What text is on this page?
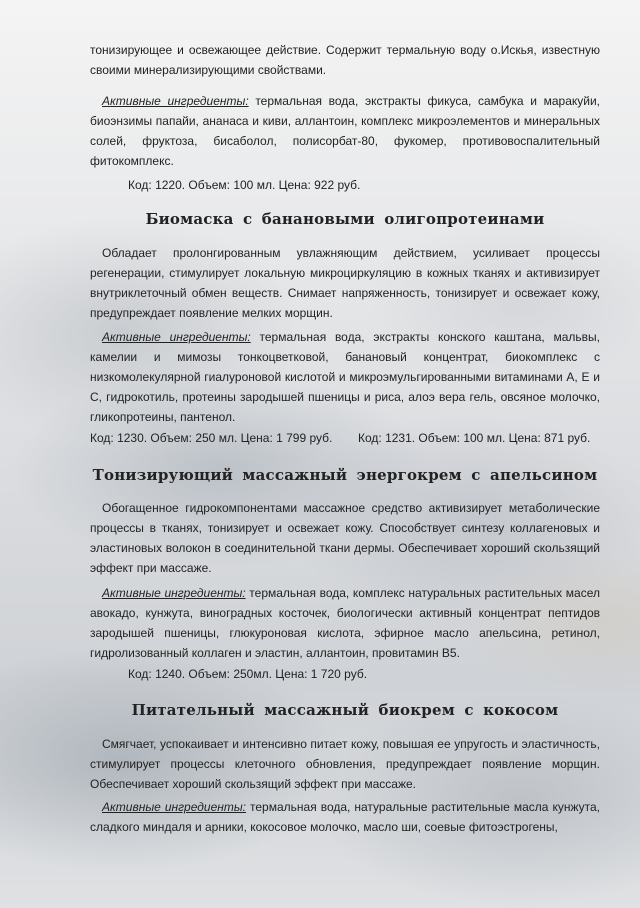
тонизирующее и освежающее действие. Содержит термальную воду о.Искья, известную своими минерализирующими свойствами.

Активные ингредиенты: термальная вода, экстракты фикуса, самбука и маракуйи, биоэнзимы папайи, ананаса и киви, аллантоин, комплекс микроэлементов и минеральных солей, фруктоза, бисаболол, полисорбат-80, фукомер, противовоспалительный фитокомплекс.

Код: 1220. Объем: 100 мл. Цена: 922 руб.
Биомаска с банановыми олигопротеинами

Обладает пролонгированным увлажняющим действием, усиливает процессы регенерации, стимулирует локальную микроциркуляцию в кожных тканях и активизирует внутриклеточный обмен веществ. Снимает напряженность, тонизирует и освежает кожу, предупреждает появление мелких морщин.

Активные ингредиенты: термальная вода, экстракты конского каштана, мальвы, камелии и мимозы тонкоцветковой, банановый концентрат, биокомплекс с низкомолекулярной гиалуроновой кислотой и микроэмульгированными витаминами А, Е и С, гидрокотиль, протеины зародышей пшеницы и риса, алоэ вера гель, овсяное молочко, гликопротеины, пантенол.

Код: 1230. Объем: 250 мл. Цена: 1 799 руб. Код: 1231. Объем: 100 мл. Цена: 871 руб.
Тонизирующий массажный энергокрем с апельсином

Обогащенное гидрокомпонентами массажное средство активизирует метаболические процессы в тканях, тонизирует и освежает кожу. Способствует синтезу коллагеновых и эластиновых волокон в соединительной ткани дермы. Обеспечивает хороший скользящий эффект при массаже.

Активные ингредиенты: термальная вода, комплекс натуральных растительных масел авокадо, кунжута, виноградных косточек, биологически активный концентрат пептидов зародышей пшеницы, глюкуроновая кислота, эфирное масло апельсина, ретинол, гидролизованный коллаген и эластин, аллантоин, провитамин В5.

Код: 1240. Объем: 250мл. Цена: 1 720 руб.
Питательный массажный биокрем с кокосом

Смягчает, успокаивает и интенсивно питает кожу, повышая ее упругость и эластичность, стимулирует процессы клеточного обновления, предупреждает появление морщин. Обеспечивает хороший скользящий эффект при массаже.

Активные ингредиенты: термальная вода, натуральные растительные масла кунжута, сладкого миндаля и арники, кокосовое молочко, масло ши, соевые фитоэстрогены,
